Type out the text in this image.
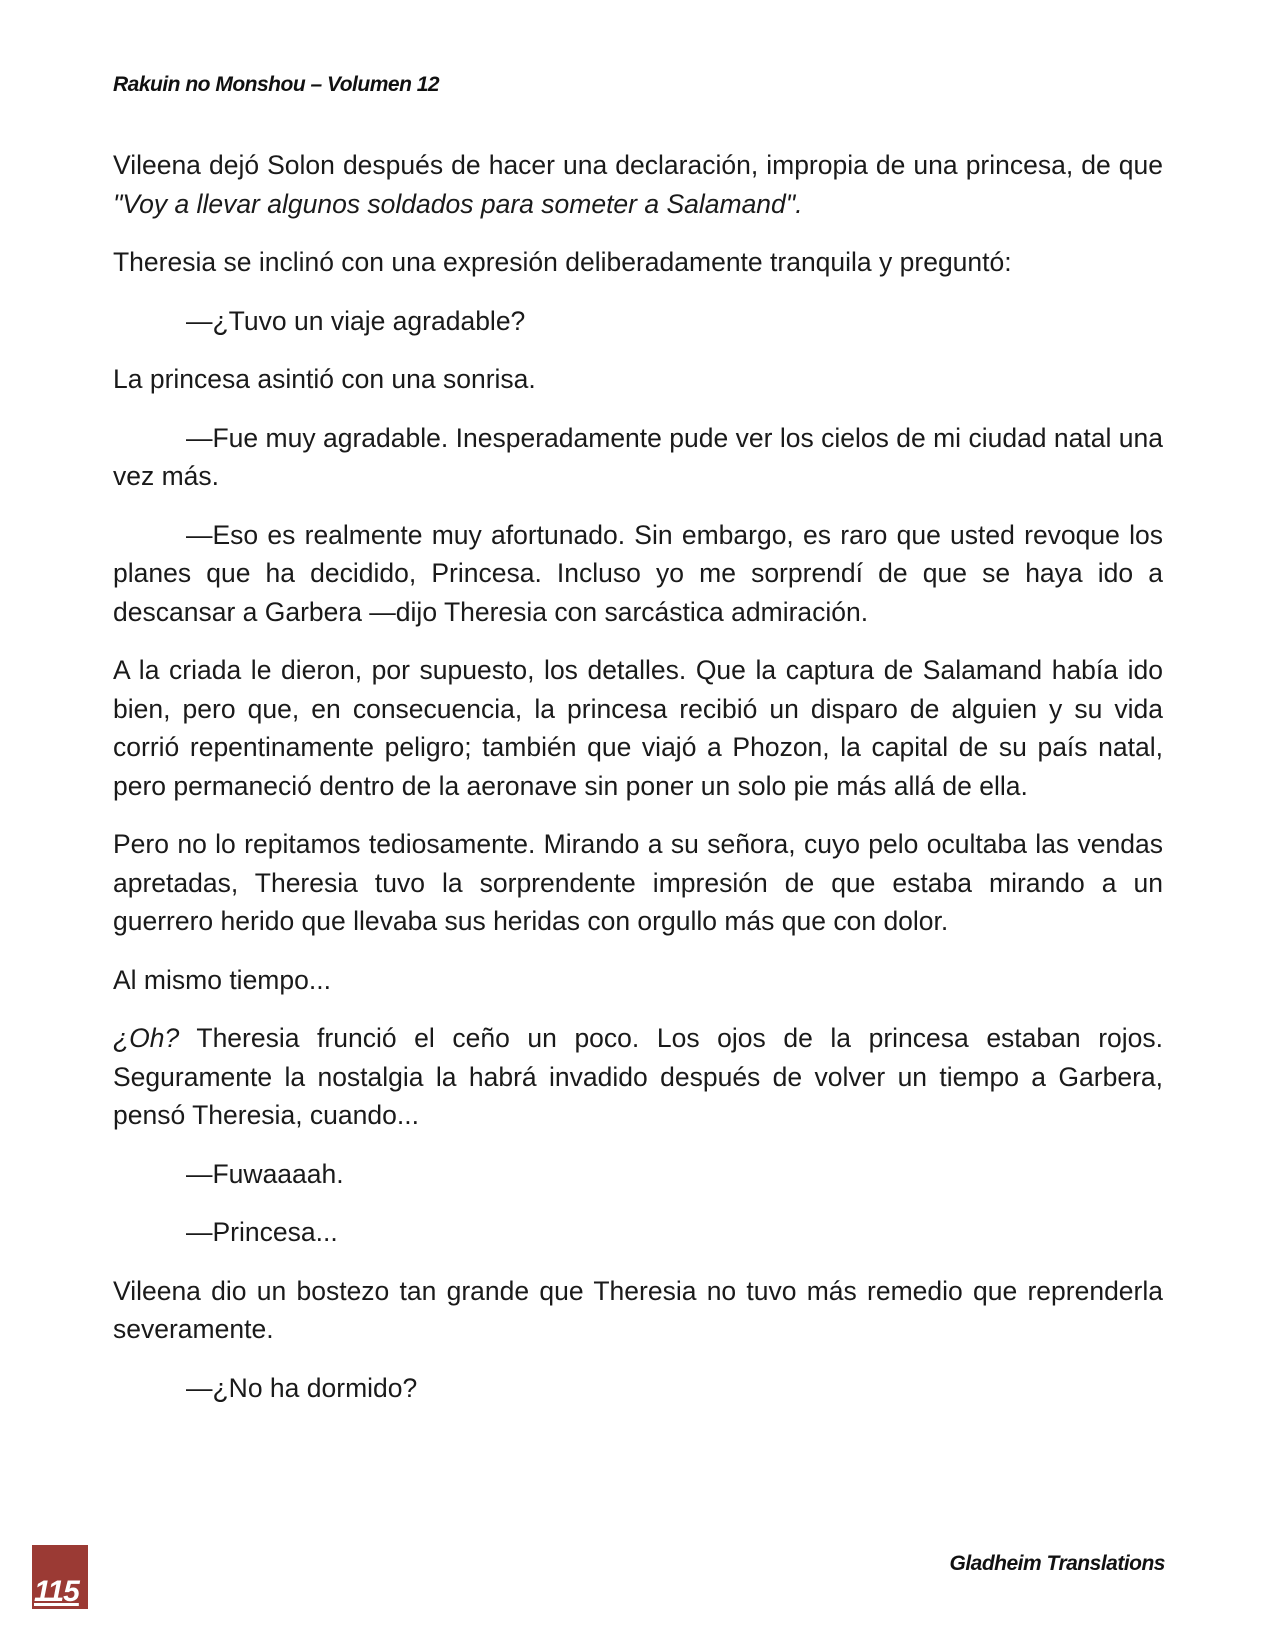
Rakuin no Monshou – Volumen 12

Vileena dejó Solon después de hacer una declaración, impropia de una princesa, de que "Voy a llevar algunos soldados para someter a Salamand".

Theresia se inclinó con una expresión deliberadamente tranquila y preguntó:

—¿Tuvo un viaje agradable?

La princesa asintió con una sonrisa.

—Fue muy agradable. Inesperadamente pude ver los cielos de mi ciudad natal una vez más.

—Eso es realmente muy afortunado. Sin embargo, es raro que usted revoque los planes que ha decidido, Princesa. Incluso yo me sorprendí de que se haya ido a descansar a Garbera —dijo Theresia con sarcástica admiración.

A la criada le dieron, por supuesto, los detalles. Que la captura de Salamand había ido bien, pero que, en consecuencia, la princesa recibió un disparo de alguien y su vida corrió repentinamente peligro; también que viajó a Phozon, la capital de su país natal, pero permaneció dentro de la aeronave sin poner un solo pie más allá de ella.

Pero no lo repitamos tediosamente. Mirando a su señora, cuyo pelo ocultaba las vendas apretadas, Theresia tuvo la sorprendente impresión de que estaba mirando a un guerrero herido que llevaba sus heridas con orgullo más que con dolor.

Al mismo tiempo...

¿Oh? Theresia frunció el ceño un poco. Los ojos de la princesa estaban rojos. Seguramente la nostalgia la habrá invadido después de volver un tiempo a Garbera, pensó Theresia, cuando...

—Fuwaaaah.

—Princesa...

Vileena dio un bostezo tan grande que Theresia no tuvo más remedio que reprenderla severamente.

—¿No ha dormido?

115
Gladheim Translations
